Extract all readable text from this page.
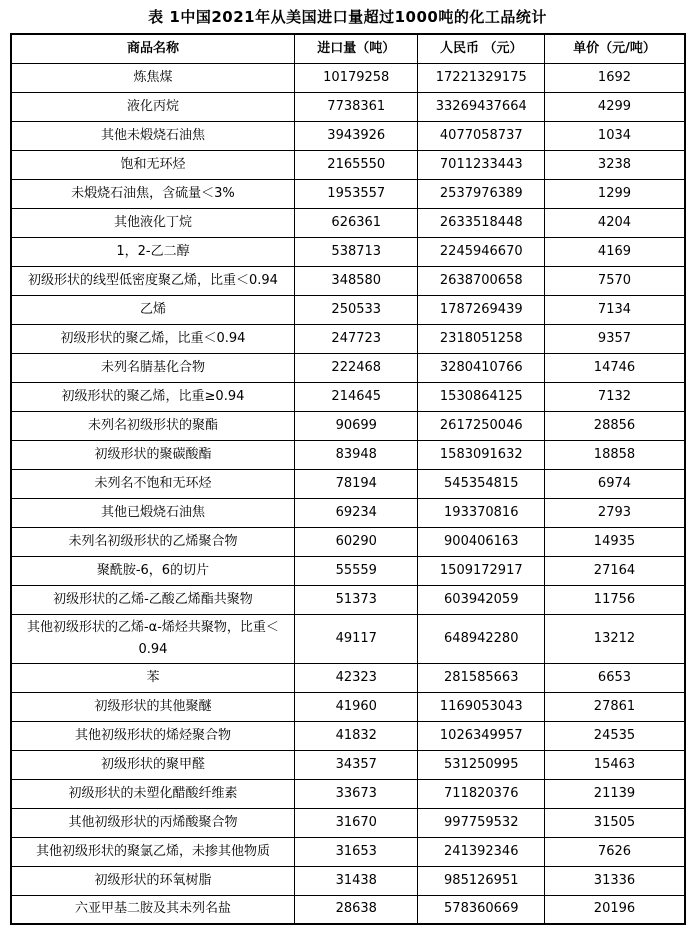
表 1中国2021年从美国进口量超过1000吨的化工品统计
商品名称	进口量（吨）	人民币 （元）	单价（元/吨）
炼焦煤	10179258	17221329175	1692
液化丙烷	7738361	33269437664	4299
其他未煅烧石油焦	3943926	4077058737	1034
饱和无环烃	2165550	7011233443	3238
未煅烧石油焦，含硫量＜3%	1953557	2537976389	1299
其他液化丁烷	626361	2633518448	4204
1，2-乙二醇	538713	2245946670	4169
初级形状的线型低密度聚乙烯，比重＜0.94	348580	2638700658	7570
乙烯	250533	1787269439	7134
初级形状的聚乙烯，比重＜0.94	247723	2318051258	9357
未列名腈基化合物	222468	3280410766	14746
初级形状的聚乙烯，比重≥0.94	214645	1530864125	7132
未列名初级形状的聚酯	90699	2617250046	28856
初级形状的聚碳酸酯	83948	1583091632	18858
未列名不饱和无环烃	78194	545354815	6974
其他已煅烧石油焦	69234	193370816	2793
未列名初级形状的乙烯聚合物	60290	900406163	14935
聚酰胺-6，6的切片	55559	1509172917	27164
初级形状的乙烯-乙酸乙烯酯共聚物	51373	603942059	11756
其他初级形状的乙烯-α-烯烃共聚物，比重＜0.94	49117	648942280	13212
苯	42323	281585663	6653
初级形状的其他聚醚	41960	1169053043	27861
其他初级形状的烯烃聚合物	41832	1026349957	24535
初级形状的聚甲醛	34357	531250995	15463
初级形状的未塑化醋酸纤维素	33673	711820376	21139
其他初级形状的丙烯酸聚合物	31670	997759532	31505
其他初级形状的聚氯乙烯，未掺其他物质	31653	241392346	7626
初级形状的环氧树脂	31438	985126951	31336
六亚甲基二胺及其未列名盐	28638	578360669	20196
